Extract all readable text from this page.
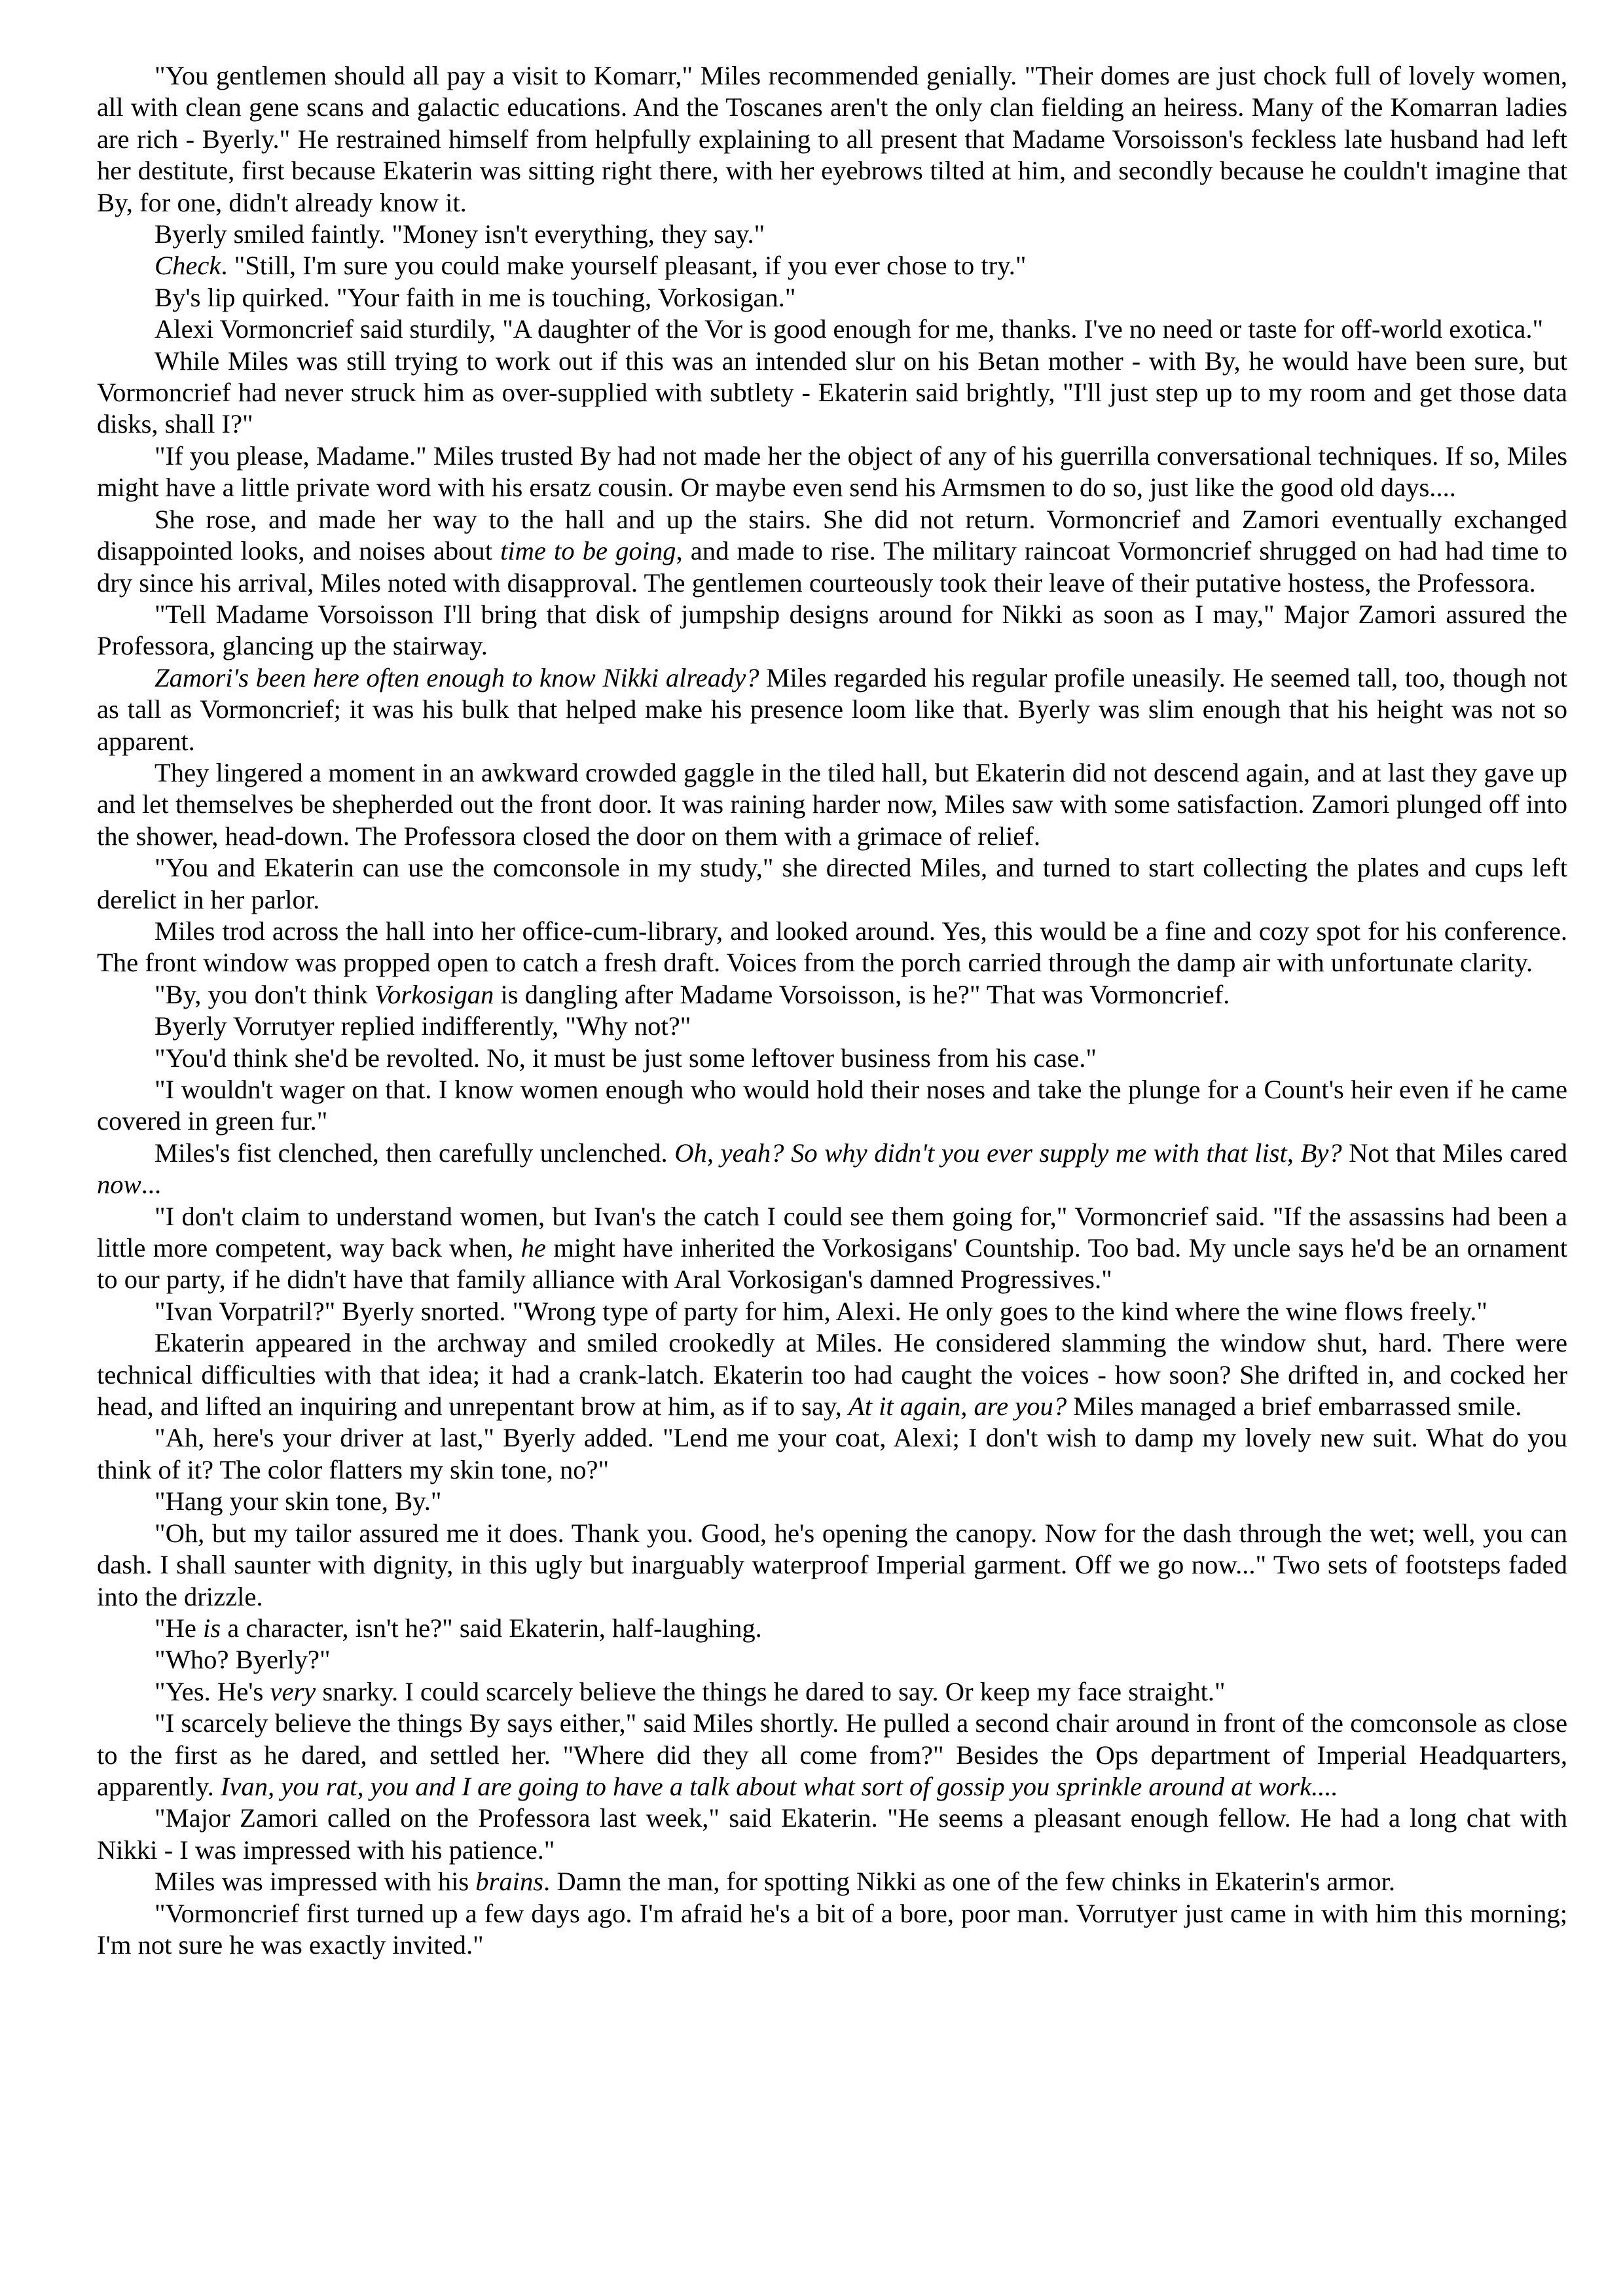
"You gentlemen should all pay a visit to Komarr," Miles recommended genially. "Their domes are just chock full of lovely women, all with clean gene scans and galactic educations. And the Toscanes aren't the only clan fielding an heiress. Many of the Komarran ladies are rich - Byerly." He restrained himself from helpfully explaining to all present that Madame Vorsoisson's feckless late husband had left her destitute, first because Ekaterin was sitting right there, with her eyebrows tilted at him, and secondly because he couldn't imagine that By, for one, didn't already know it.

Byerly smiled faintly. "Money isn't everything, they say."

Check. "Still, I'm sure you could make yourself pleasant, if you ever chose to try."

By's lip quirked. "Your faith in me is touching, Vorkosigan."

Alexi Vormoncrief said sturdily, "A daughter of the Vor is good enough for me, thanks. I've no need or taste for off-world exotica."

While Miles was still trying to work out if this was an intended slur on his Betan mother - with By, he would have been sure, but Vormoncrief had never struck him as over-supplied with subtlety - Ekaterin said brightly, "I'll just step up to my room and get those data disks, shall I?"

"If you please, Madame." Miles trusted By had not made her the object of any of his guerrilla conversational techniques. If so, Miles might have a little private word with his ersatz cousin. Or maybe even send his Armsmen to do so, just like the good old days....

She rose, and made her way to the hall and up the stairs. She did not return. Vormoncrief and Zamori eventually exchanged disappointed looks, and noises about time to be going, and made to rise. The military raincoat Vormoncrief shrugged on had had time to dry since his arrival, Miles noted with disapproval. The gentlemen courteously took their leave of their putative hostess, the Professora.

"Tell Madame Vorsoisson I'll bring that disk of jumpship designs around for Nikki as soon as I may," Major Zamori assured the Professora, glancing up the stairway.

Zamori's been here often enough to know Nikki already? Miles regarded his regular profile uneasily. He seemed tall, too, though not as tall as Vormoncrief; it was his bulk that helped make his presence loom like that. Byerly was slim enough that his height was not so apparent.

They lingered a moment in an awkward crowded gaggle in the tiled hall, but Ekaterin did not descend again, and at last they gave up and let themselves be shepherded out the front door. It was raining harder now, Miles saw with some satisfaction. Zamori plunged off into the shower, head-down. The Professora closed the door on them with a grimace of relief.

"You and Ekaterin can use the comconsole in my study," she directed Miles, and turned to start collecting the plates and cups left derelict in her parlor.

Miles trod across the hall into her office-cum-library, and looked around. Yes, this would be a fine and cozy spot for his conference. The front window was propped open to catch a fresh draft. Voices from the porch carried through the damp air with unfortunate clarity.

"By, you don't think Vorkosigan is dangling after Madame Vorsoisson, is he?" That was Vormoncrief.

Byerly Vorrutyer replied indifferently, "Why not?"

"You'd think she'd be revolted. No, it must be just some leftover business from his case."

"I wouldn't wager on that. I know women enough who would hold their noses and take the plunge for a Count's heir even if he came covered in green fur."

Miles's fist clenched, then carefully unclenched. Oh, yeah? So why didn't you ever supply me with that list, By? Not that Miles cared now...

"I don't claim to understand women, but Ivan's the catch I could see them going for," Vormoncrief said. "If the assassins had been a little more competent, way back when, he might have inherited the Vorkosigans' Countship. Too bad. My uncle says he'd be an ornament to our party, if he didn't have that family alliance with Aral Vorkosigan's damned Progressives."

"Ivan Vorpatril?" Byerly snorted. "Wrong type of party for him, Alexi. He only goes to the kind where the wine flows freely."

Ekaterin appeared in the archway and smiled crookedly at Miles. He considered slamming the window shut, hard. There were technical difficulties with that idea; it had a crank-latch. Ekaterin too had caught the voices - how soon? She drifted in, and cocked her head, and lifted an inquiring and unrepentant brow at him, as if to say, At it again, are you? Miles managed a brief embarrassed smile.

"Ah, here's your driver at last," Byerly added. "Lend me your coat, Alexi; I don't wish to damp my lovely new suit. What do you think of it? The color flatters my skin tone, no?"

"Hang your skin tone, By."

"Oh, but my tailor assured me it does. Thank you. Good, he's opening the canopy. Now for the dash through the wet; well, you can dash. I shall saunter with dignity, in this ugly but inarguably waterproof Imperial garment. Off we go now..." Two sets of footsteps faded into the drizzle.

"He is a character, isn't he?" said Ekaterin, half-laughing.

"Who? Byerly?"

"Yes. He's very snarky. I could scarcely believe the things he dared to say. Or keep my face straight."

"I scarcely believe the things By says either," said Miles shortly. He pulled a second chair around in front of the comconsole as close to the first as he dared, and settled her. "Where did they all come from?" Besides the Ops department of Imperial Headquarters, apparently. Ivan, you rat, you and I are going to have a talk about what sort of gossip you sprinkle around at work....

"Major Zamori called on the Professora last week," said Ekaterin. "He seems a pleasant enough fellow. He had a long chat with Nikki - I was impressed with his patience."

Miles was impressed with his brains. Damn the man, for spotting Nikki as one of the few chinks in Ekaterin's armor.

"Vormoncrief first turned up a few days ago. I'm afraid he's a bit of a bore, poor man. Vorrutyer just came in with him this morning; I'm not sure he was exactly invited."
